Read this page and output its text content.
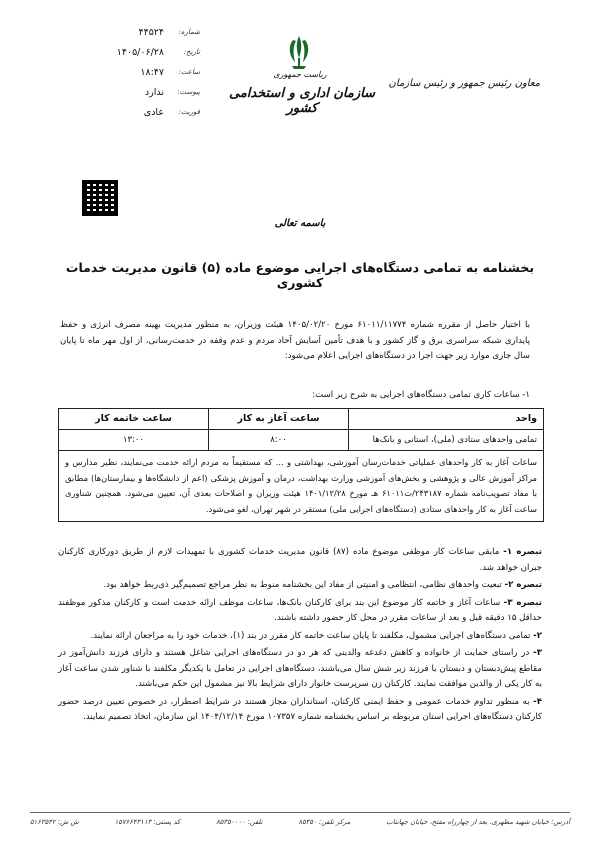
شماره:
۴۴۵۲۴
تاریخ:
۱۴۰۵/۰۶/۲۸
ساعت:
۱۸:۴۷
پیوست:
ندارد
فوریت:
عادی
ریاست جمهوری
سازمان اداری و استخدامی کشور
معاون رئیس جمهور و رئیس سازمان
باسمه تعالی
بخشنامه به تمامی دستگاه‌های اجرایی موضوع ماده (۵) قانون مدیریت خدمات کشوری
با اختیار حاصل از مقرره شماره ۶۱۰۱۱/۱۱۷۷۴ مورخ ۱۴۰۵/۰۲/۲۰ هیئت وزیران، به منظور مدیریت بهینه مصرف انرژی و حفظ پایداری شبکه سراسری برق و گاز کشور و با هدف تأمین آسایش آحاد مردم و عدم وقفه در خدمت‌رسانی، از اول مهر ماه تا پایان سال جاری موارد زیر جهت اجرا در دستگاه‌های اجرایی اعلام می‌شود:
۱- ساعات کاری تمامی دستگاه‌های اجرایی به شرح زیر است:
واحد
ساعت آغاز به کار
ساعت خاتمه کار
تمامی واحدهای ستادی (ملی)، استانی و بانک‌ها
۸:۰۰
۱۳:۰۰
ساعات آغاز به کار واحدهای عملیاتی خدمات‌رسان آموزشی، بهداشتی و ... که مستقیماً به مردم ارائه خدمت می‌نمایند، نظیر مدارس و مراکز آموزش عالی و پژوهشی و بخش‌های آموزشی وزارت بهداشت، درمان و آموزش پزشکی (اعم از دانشگاه‌ها و بیمارستان‌ها) مطابق با مفاد تصویب‌نامه شماره ۲۴۳۱۸۷/ت۶۱۰۱۱ هـ مورخ ۱۴۰۱/۱۲/۲۸ هیئت وزیران و اصلاحات بعدی آن، تعیین می‌شود. همچنین شناوری ساعت آغاز به کار واحدهای ستادی (دستگاه‌های اجرایی ملی) مستقر در شهر تهران، لغو می‌شود.

تبصره ۱- مابقی ساعات کار موظفی موضوع ماده (۸۷) قانون مدیریت خدمات کشوری با تمهیدات لازم از طریق دورکاری کارکنان جبران خواهد شد.

تبصره ۲- تبعیت واحدهای نظامی، انتظامی و امنیتی از مفاد این بخشنامه منوط به نظر مراجع تصمیم‌گیر ذی‌ربط خواهد بود.

تبصره ۳- ساعات آغاز و خاتمه کار موضوع این بند برای کارکنان بانک‌ها، ساعات موظف ارائه خدمت است و کارکنان مذکور موظفند حداقل ۱۵ دقیقه قبل و بعد از ساعات مقرر در محل کار حضور داشته باشند.

۲- تمامی دستگاه‌های اجرایی مشمول، مکلفند تا پایان ساعت خاتمه کار مقرر در بند (۱)، خدمات خود را به مراجعان ارائه نمایند.

۳- در راستای حمایت از خانواده و کاهش دغدغه والدینی که هر دو در دستگاه‌های اجرایی شاغل هستند و دارای فرزند دانش‌آموز در مقاطع پیش‌دبستان و دبستان یا فرزند زیر شش سال می‌باشند، دستگاه‌های اجرایی در تعامل با یکدیگر مکلفند با شناور شدن ساعت آغاز به کار یکی از والدین موافقت نمایند. کارکنان زن سرپرست خانوار دارای شرایط بالا نیز مشمول این حکم می‌باشند.

۴- به منظور تداوم خدمات عمومی و حفظ ایمنی کارکنان، استانداران مجاز هستند در شرایط اضطرار، در خصوص تعیین درصد حضور کارکنان دستگاه‌های اجرایی استان مربوطه بر اساس بخشنامه شماره ۱۰۷۳۵۷ مورخ ۱۴۰۴/۱۲/۱۴ این سازمان، اتخاذ تصمیم نمایند.

آدرس: خیابان شهید مطهری، بعد از چهارراه مفتح، خیابان جهانتاب
مرکز تلفن: ۸۵۳۵۰
تلفن: ۸۵۳۵۰۰۰۰
کد پستی: ۱۵۷۶۶۴۳۱۱۳
ش ش: ۵۱۶۳۵۴۲
